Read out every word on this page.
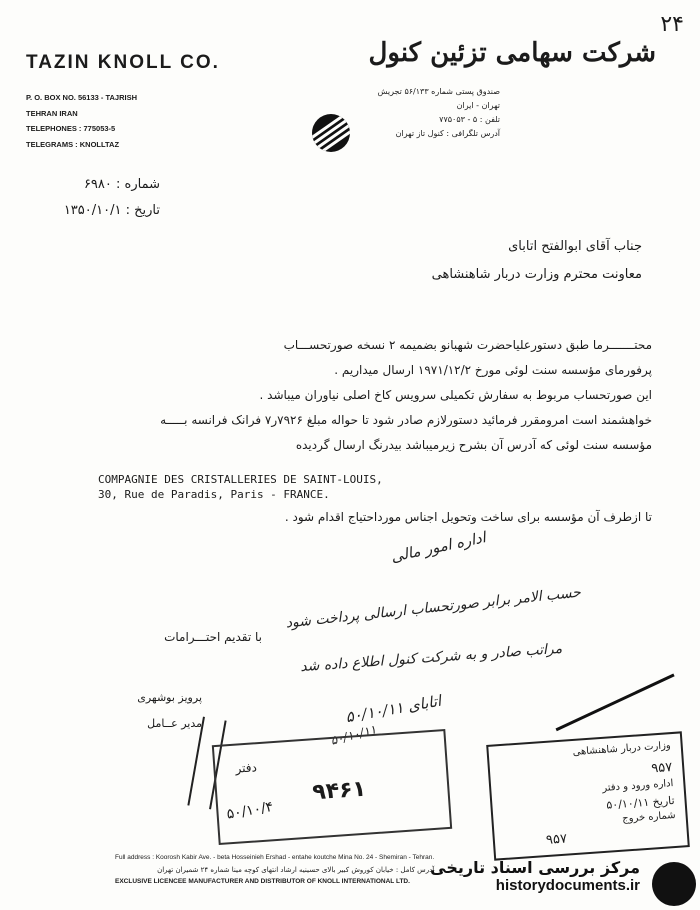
۲۴
TAZIN KNOLL CO.	شرکت سهامی تزئین کنول
P. O. BOX NO. 56133 - TAJRISH
TEHRAN IRAN
TELEPHONES : 775053-5
TELEGRAMS : KNOLLTAZ
صندوق پستی شماره ۵۶/۱۳۳ تجریش
تهران - ایران
تلفن : ۵ - ۷۷۵۰۵۳
آدرس تلگرافی : کنول تاز تهران
شماره : ۶۹۸۰
تاریخ : ۱۳۵۰/۱۰/۱
جناب آقای ابوالفتح اتابای
معاونت محترم وزارت دربار شاهنشاهی

محتـــــــرما طبق دستورعلیاحضرت شهبانو بضمیمه ۲ نسخه صورتحســـاب

پرفورمای مؤسسه سنت لوئی مورخ ۱۹۷۱/۱۲/۲ ارسال میداریم .

این صورتحساب مربوط به سفارش تکمیلی سرویس کاخ اصلی نیاوران میباشد .

خواهشمند است امرومقرر فرمائید دستورلازم صادر شود تا حواله مبلغ ۷۹۲۶ر۷ فرانک فرانسه بـــــه

مؤسسه سنت لوئی که آدرس آن بشرح زیرمیباشد بیدرنگ ارسال گردیده

COMPAGNIE DES CRISTALLERIES DE SAINT-LOUIS,
30, Rue de Paradis, Paris - FRANCE.
تا ازطرف آن مؤسسه برای ساخت وتحویل اجناس مورداحتیاج اقدام شود .
اداره امور مالی
حسب الامر برابر صورتحساب ارسالی پرداخت شود
مراتب صادر و به شرکت کنول اطلاع داده شد
اتابای ۵۰/۱۰/۱۱
۵۰/۱۰/۱۱
با تقدیم احتـــرامات
پرویز بوشهری
مدیر عــامل
دفتر
۹۴۶۱
۵۰/۱۰/۴
وزارت دربار شاهنشاهی
۹۵۷
اداره ورود و دفتر
تاریخ ۵۰/۱۰/۱۱
شماره خروج
۹۵۷
Full address : Koorosh Kabir Ave. - beta Hosseinieh Ershad - entahe koutche Mina No. 24 - Shemiran - Tehran.
آدرس کامل : خیابان کوروش کبیر بالای حسینیه ارشاد انتهای کوچه مینا شماره ۲۴ شمیران تهران
EXCLUSIVE LICENCEE MANUFACTURER AND DISTRIBUTOR OF KNOLL INTERNATIONAL LTD.
مرکز بررسی اسناد تاریخی
historydocuments.ir
